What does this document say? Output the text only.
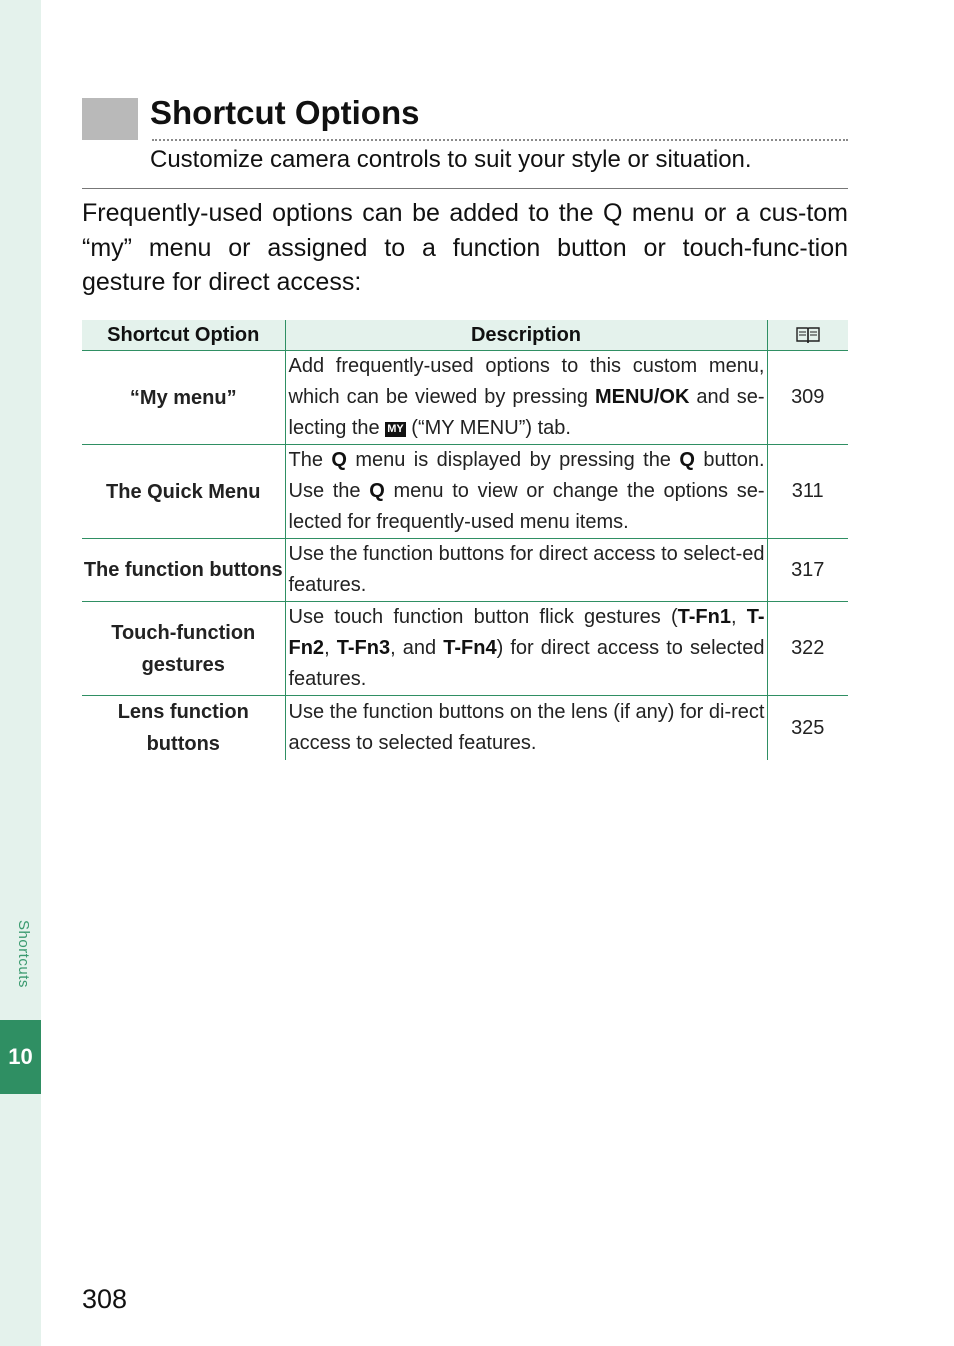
Shortcuts
10
Shortcut Options
Customize camera controls to suit your style or situation.
Frequently-used options can be added to the Q menu or a cus-tom “my” menu or assigned to a function button or touch-func-tion gesture for direct access:
Shortcut Option	Description	
“My menu”	Add frequently-used options to this custom menu, which can be viewed by pressing MENU/OK and se-lecting the MY (“MY MENU”) tab.	309
The Quick Menu	The Q menu is displayed by pressing the Q button. Use the Q menu to view or change the options se-lected for frequently-used menu items.	311
The function buttons	Use the function buttons for direct access to select-ed features.	317
Touch-function gestures	Use touch function button flick gestures (T-Fn1, T-Fn2, T-Fn3, and T-Fn4) for direct access to selected features.	322
Lens function buttons	Use the function buttons on the lens (if any) for di-rect access to selected features.	325
308
